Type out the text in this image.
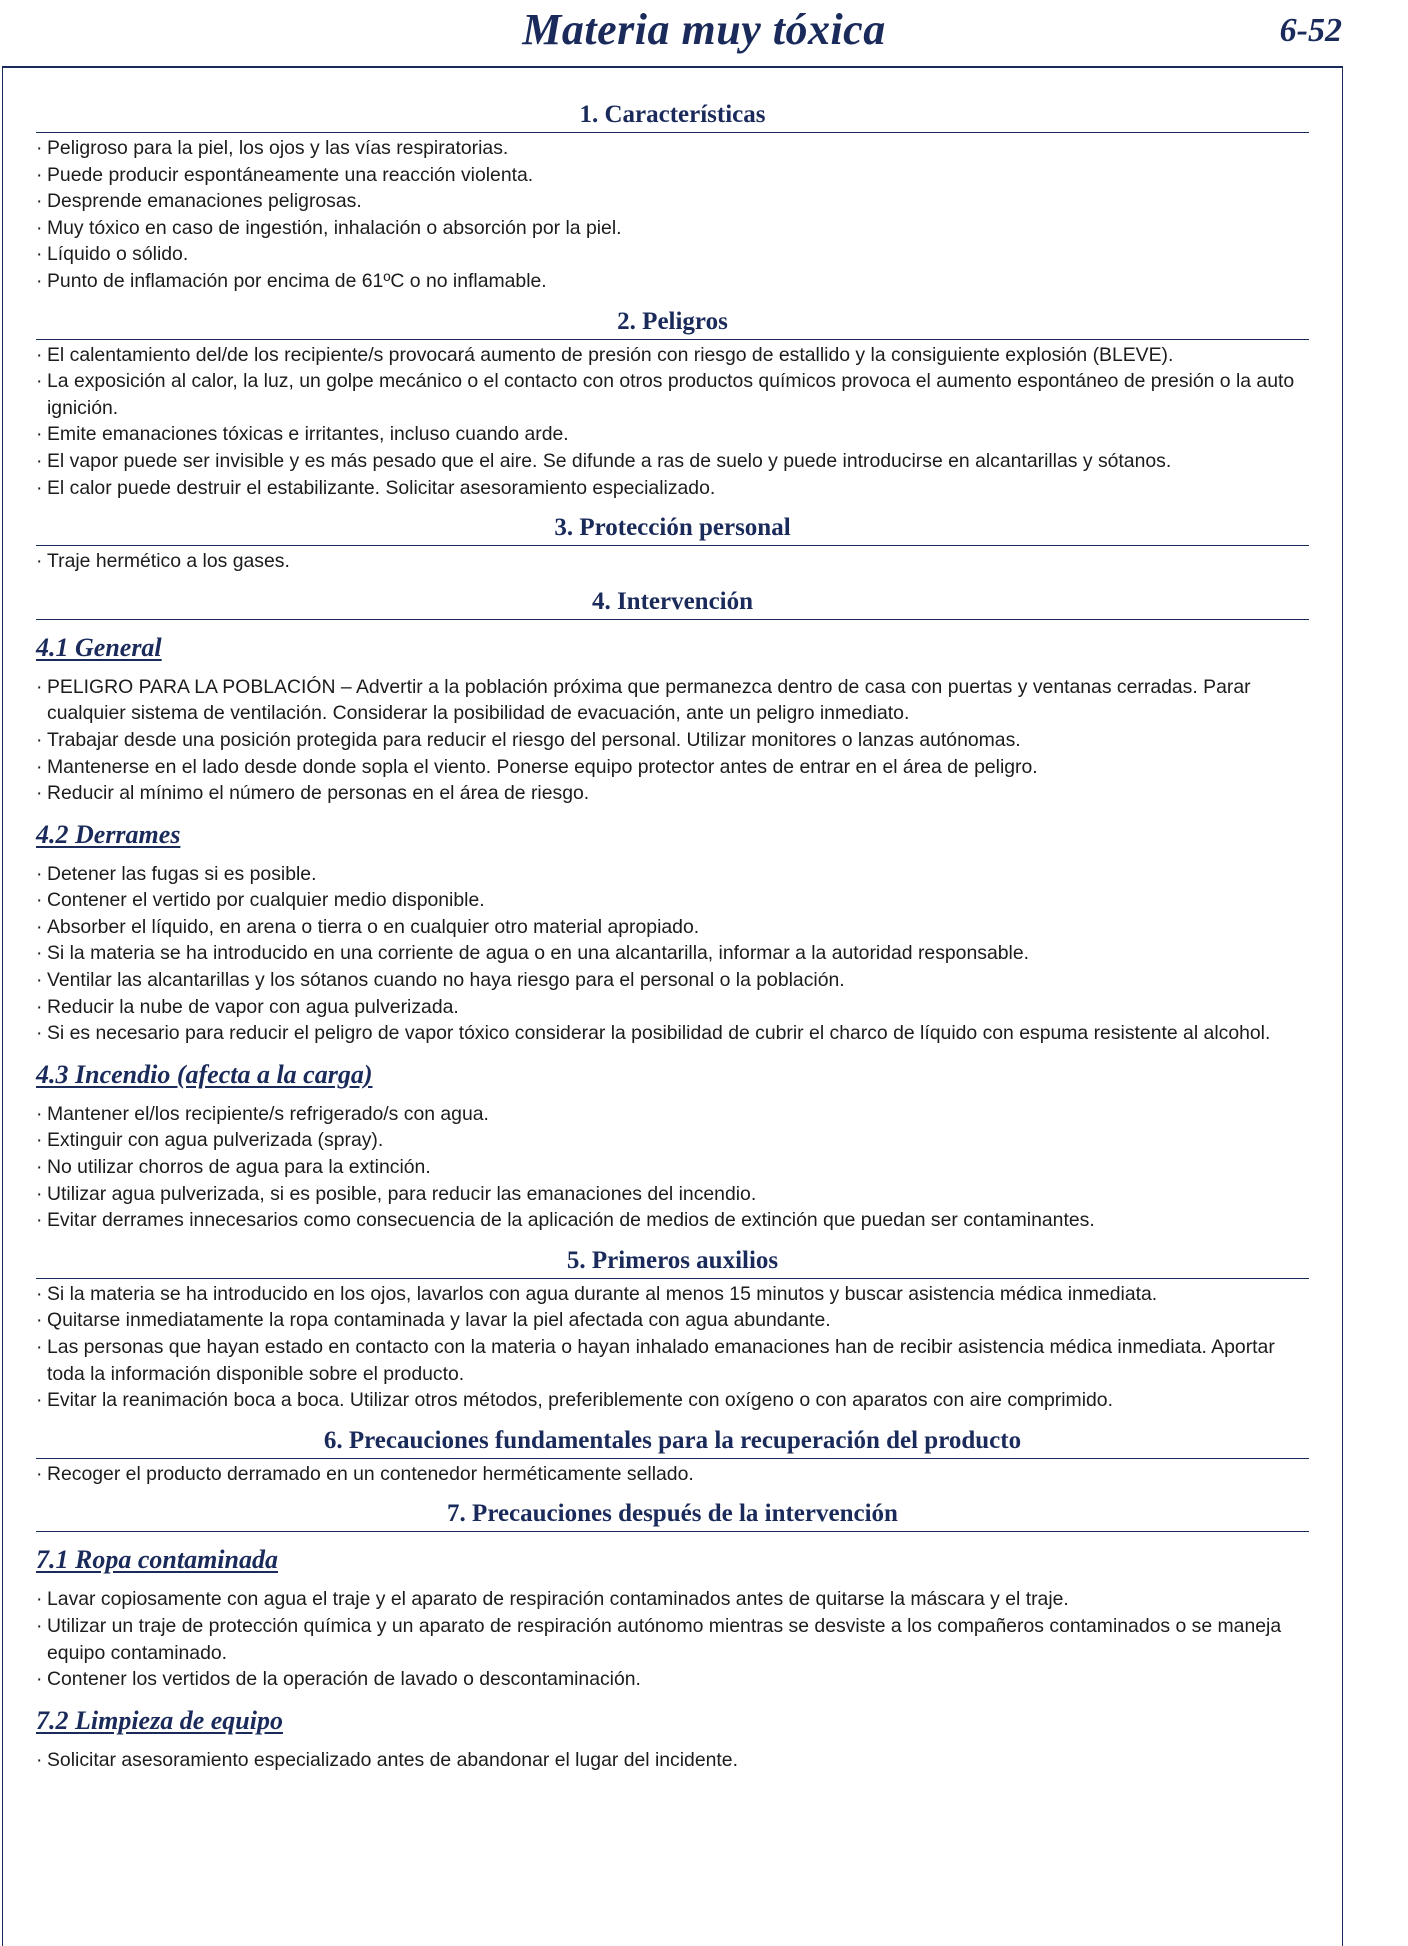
Materia muy tóxica	6-52
1. Características
· Peligroso para la piel, los ojos y las vías respiratorias.
· Puede producir espontáneamente una reacción violenta.
· Desprende emanaciones peligrosas.
· Muy tóxico en caso de ingestión, inhalación o absorción por la piel.
· Líquido o sólido.
· Punto de inflamación por encima de 61ºC o no inflamable.
2. Peligros
· El calentamiento del/de los recipiente/s provocará aumento de presión con riesgo de estallido y la consiguiente explosión (BLEVE).
· La exposición al calor, la luz, un golpe mecánico o el contacto con otros productos químicos provoca el aumento espontáneo de presión o la auto ignición.
· Emite emanaciones tóxicas e irritantes, incluso cuando arde.
· El vapor puede ser invisible y es más pesado que el aire. Se difunde a ras de suelo y puede introducirse en alcantarillas y sótanos.
· El calor puede destruir el estabilizante. Solicitar asesoramiento especializado.
3. Protección personal
· Traje hermético a los gases.
4. Intervención
4.1 General
· PELIGRO PARA LA POBLACIÓN – Advertir a la población próxima que permanezca dentro de casa con puertas y ventanas cerradas. Parar cualquier sistema de ventilación. Considerar la posibilidad de evacuación, ante un peligro inmediato.
· Trabajar desde una posición protegida para reducir el riesgo del personal. Utilizar monitores o lanzas autónomas.
· Mantenerse en el lado desde donde sopla el viento. Ponerse equipo protector antes de entrar en el área de peligro.
· Reducir al mínimo el número de personas en el área de riesgo.
4.2 Derrames
· Detener las fugas si es posible.
· Contener el vertido por cualquier medio disponible.
· Absorber el líquido, en arena o tierra o en cualquier otro material apropiado.
· Si la materia se ha introducido en una corriente de agua o en una alcantarilla, informar a la autoridad responsable.
· Ventilar las alcantarillas y los sótanos cuando no haya riesgo para el personal o la población.
· Reducir la nube de vapor con agua pulverizada.
· Si es necesario para reducir el peligro de vapor tóxico considerar la posibilidad de cubrir el charco de líquido con espuma resistente al alcohol.
4.3 Incendio (afecta a la carga)
· Mantener el/los recipiente/s refrigerado/s con agua.
· Extinguir con agua pulverizada (spray).
· No utilizar chorros de agua para la extinción.
· Utilizar agua pulverizada, si es posible, para reducir las emanaciones del incendio.
· Evitar derrames innecesarios como consecuencia de la aplicación de medios de extinción que puedan ser contaminantes.
5. Primeros auxilios
· Si la materia se ha introducido en los ojos, lavarlos con agua durante al menos 15 minutos y buscar asistencia médica inmediata.
· Quitarse inmediatamente la ropa contaminada y lavar la piel afectada con agua abundante.
· Las personas que hayan estado en contacto con la materia o hayan inhalado emanaciones han de recibir asistencia médica inmediata. Aportar toda la información disponible sobre el producto.
· Evitar la reanimación boca a boca. Utilizar otros métodos, preferiblemente con oxígeno o con aparatos con aire comprimido.
6. Precauciones fundamentales para la recuperación del producto
· Recoger el producto derramado en un contenedor herméticamente sellado.
7. Precauciones después de la intervención
7.1 Ropa contaminada
· Lavar copiosamente con agua el traje y el aparato de respiración contaminados antes de quitarse la máscara y el traje.
· Utilizar un traje de protección química y un aparato de respiración autónomo mientras se desviste a los compañeros contaminados o se maneja equipo contaminado.
· Contener los vertidos de la operación de lavado o descontaminación.
7.2 Limpieza de equipo
· Solicitar asesoramiento especializado antes de abandonar el lugar del incidente.
